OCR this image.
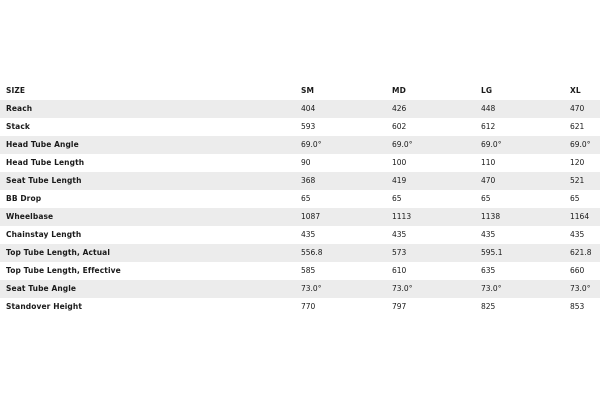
SIZE	SM	MD	LG	XL
Reach	404	426	448	470
Stack	593	602	612	621
Head Tube Angle	69.0°	69.0°	69.0°	69.0°
Head Tube Length	90	100	110	120
Seat Tube Length	368	419	470	521
BB Drop	65	65	65	65
Wheelbase	1087	1113	1138	1164
Chainstay Length	435	435	435	435
Top Tube Length, Actual	556.8	573	595.1	621.8
Top Tube Length, Effective	585	610	635	660
Seat Tube Angle	73.0°	73.0°	73.0°	73.0°
Standover Height	770	797	825	853
